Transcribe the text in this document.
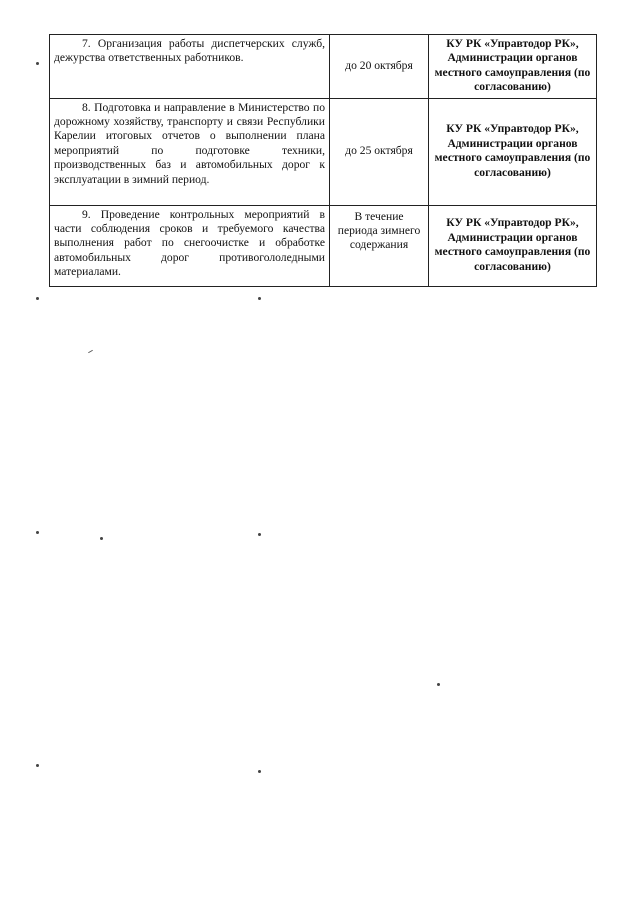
7. Организация работы диспетчерских служб, дежурства ответственных работников.	до 20 октября	КУ РК «Управтодор РК», Администрации органов местного самоуправления (по согласованию)

8. Подготовка и направление в Министерство по дорожному хозяйству, транспорту и связи Республики Карелии итоговых отчетов о выполнении плана мероприятий по подготовке техники, производственных баз и автомобильных дорог к эксплуатации в зимний период.	до 25 октября	КУ РК «Управтодор РК», Администрации органов местного самоуправления (по согласованию)

9. Проведение контрольных мероприятий в части соблюдения сроков и требуемого качества выполнения работ по снегоочистке и обработке автомобильных дорог противогололедными материалами.	В течение периода зимнего содержания	КУ РК «Управтодор РК», Администрации органов местного самоуправления (по согласованию)
